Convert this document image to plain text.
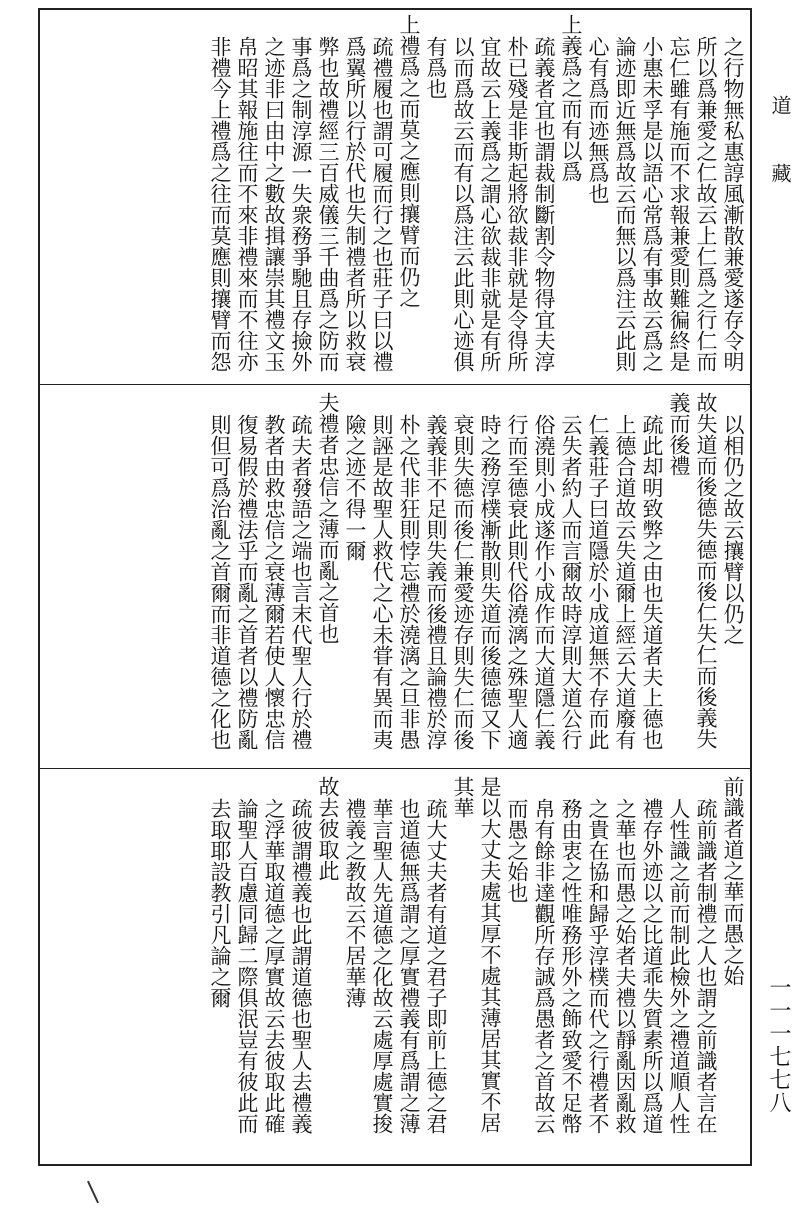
之行物無私惠諄風漸散兼愛遂存令明
所以爲兼愛之仁故云上仁爲之行仁而
忘仁雖有施而不求報兼愛則難徧終是
小惠未孚是以語心常爲有事故云爲之
論迹即近無爲故云而無以爲注云此則
心有爲而迹無爲也
上義爲之而有以爲
疏義者宜也謂裁制斷割令物得宜夫淳
朴已殘是非斯起將欲裁非就是令得所
宜故云上義爲之謂心欲裁非就是有所
以而爲故云而有以爲注云此則心迹俱
有爲也
上禮爲之而莫之應則攘臂而仍之
疏禮履也謂可履而行之也莊子曰以禮
爲翼所以行於代也失制禮者所以救衰
弊也故禮經三百威儀三千曲爲之防而
事爲之制淳源一失衆務爭馳且存撿外
之迹非曰由中之數故揖讓崇其禮文玉
帛昭其報施往而不來非禮來而不往亦
非禮今上禮爲之往而莫應則攘臂而怨
以相仍之故云攘臂以仍之
故失道而後德失德而後仁失仁而後義失
義而後禮
疏此却明致弊之由也失道者夫上德也
上德合道故云失道爾上經云大道廢有
仁義莊子曰道隱於小成道無不存而此
云失者約人而言爾故時淳則大道公行
俗澆則小成遂作小成作而大道隱仁義
行而至德衰此則代俗澆漓之殊聖人適
時之務淳樸漸散則失道而後德德又下
衰則失德而後仁兼愛迹存則失仁而後
義義非不足則失義而後禮且論禮於淳
朴之代非狂則悖忘禮於澆漓之旦非愚
則誣是故聖人救代之心未甞有異而夷
險之迹不得一爾
夫禮者忠信之薄而亂之首也
疏夫者發語之端也言末代聖人行於禮
教者由救忠信之衰薄爾若使人懷忠信
復易假於禮法乎而亂之首者以禮防亂
則但可爲治亂之首爾而非道德之化也
前識者道之華而愚之始
疏前識者制禮之人也謂之前識者言在
人性識之前而制此檢外之禮道順人性
禮存外迹以之比道乖失質素所以爲道
之華也而愚之始者夫禮以靜亂因亂救
之貴在協和歸乎淳樸而代之行禮者不
務由衷之性唯務形外之飾致愛不足幣
帛有餘非達觀所存誠爲愚者之首故云
而愚之始也
是以大丈夫處其厚不處其薄居其實不居
其華
疏大丈夫者有道之君子即前上德之君
也道德無爲謂之厚實禮義有爲謂之薄
華言聖人先道德之化故云處厚處實捘
禮義之教故云不居華薄
故去彼取此
疏彼謂禮義也此謂道德也聖人去禮義
之浮華取道德之厚實故云去彼取此確
論聖人百慮同歸二際俱泯豈有彼此而
去取耶設教引凡論之爾
道藏
一一一七七八
